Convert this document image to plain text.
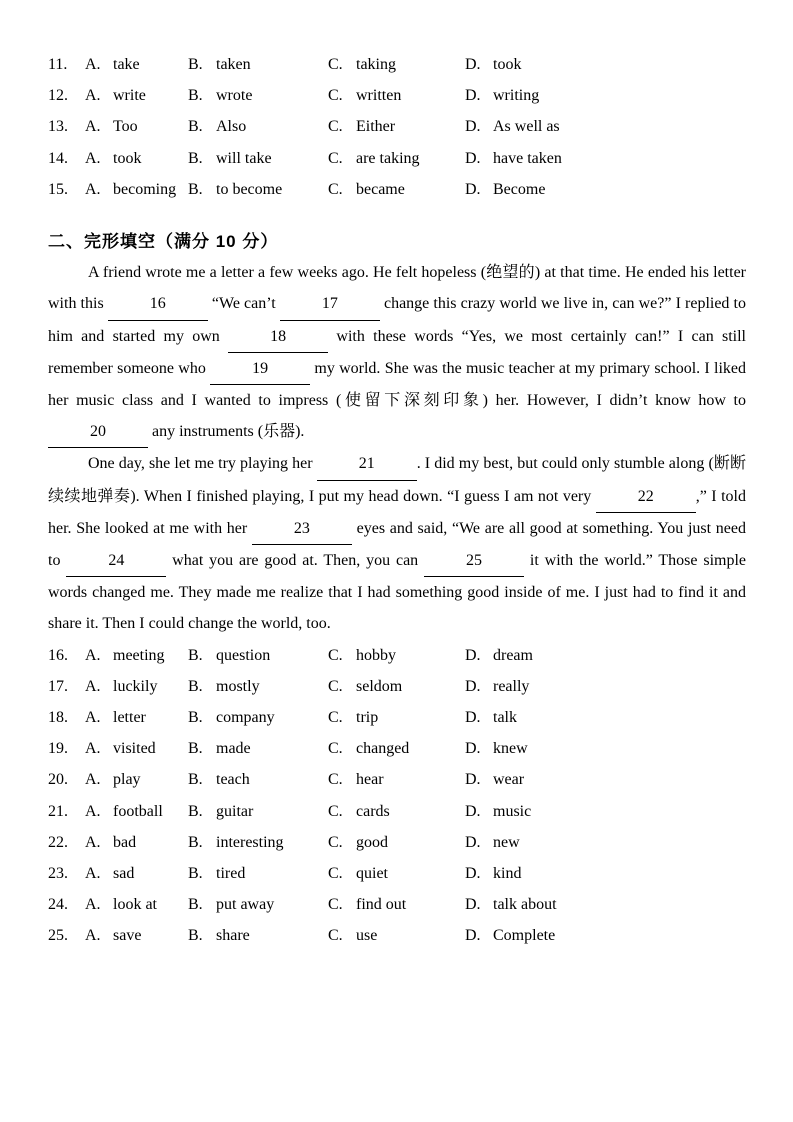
11.	A. take	B. taken	C. taking	D. took
12.	A. write	B. wrote	C. written	D. writing
13.	A. Too	B. Also	C. Either	D. As well as
14.	A. took	B. will take	C. are taking	D. have taken
15.	A. becoming B. to become	C. became	D. Become
二、完形填空（满分 10 分）

A friend wrote me a letter a few weeks ago. He felt hopeless (绝望的) at that time. He ended his letter with this	16	“We can’t	17	change this crazy world we live in, can we?” I replied to him and started my own	18	with these words “Yes, we most certainly can!” I can still remember someone who	19	my world. She was the music teacher at my primary school. I liked her music class and I wanted to impress (使留下深刻印象) her. However, I didn’t know how to 20	any instruments (乐器).

One day, she let me try playing her	21	. I did my best, but could only stumble along (断断续续地弹奏). When I finished playing, I put my head down. “I guess I am not very	22	,” I told her. She looked at me with her	23	eyes and said, “We are all good at something. You just need to	24	what you are good at. Then, you can	25	it with the world.” Those simple words changed me. They made me realize that I had something good inside of me. I just had to find it and share it. Then I could change the world, too.

16.	A. meeting	B. question	C. hobby	D. dream
17.	A. luckily	B. mostly	C. seldom	D. really
18.	A. letter	B. company	C. trip	D. talk
19.	A. visited	B. made	C. changed	D. knew
20.	A. play	B. teach	C. hear	D. wear
21.	A. football	B. guitar	C. cards	D. music
22.	A. bad	B. interesting	C. good	D. new
23.	A. sad	B. tired	C. quiet	D. kind
24.	A. look at	B. put away	C. find out	D. talk about
25.	A. save	B. share	C. use	D. Complete
